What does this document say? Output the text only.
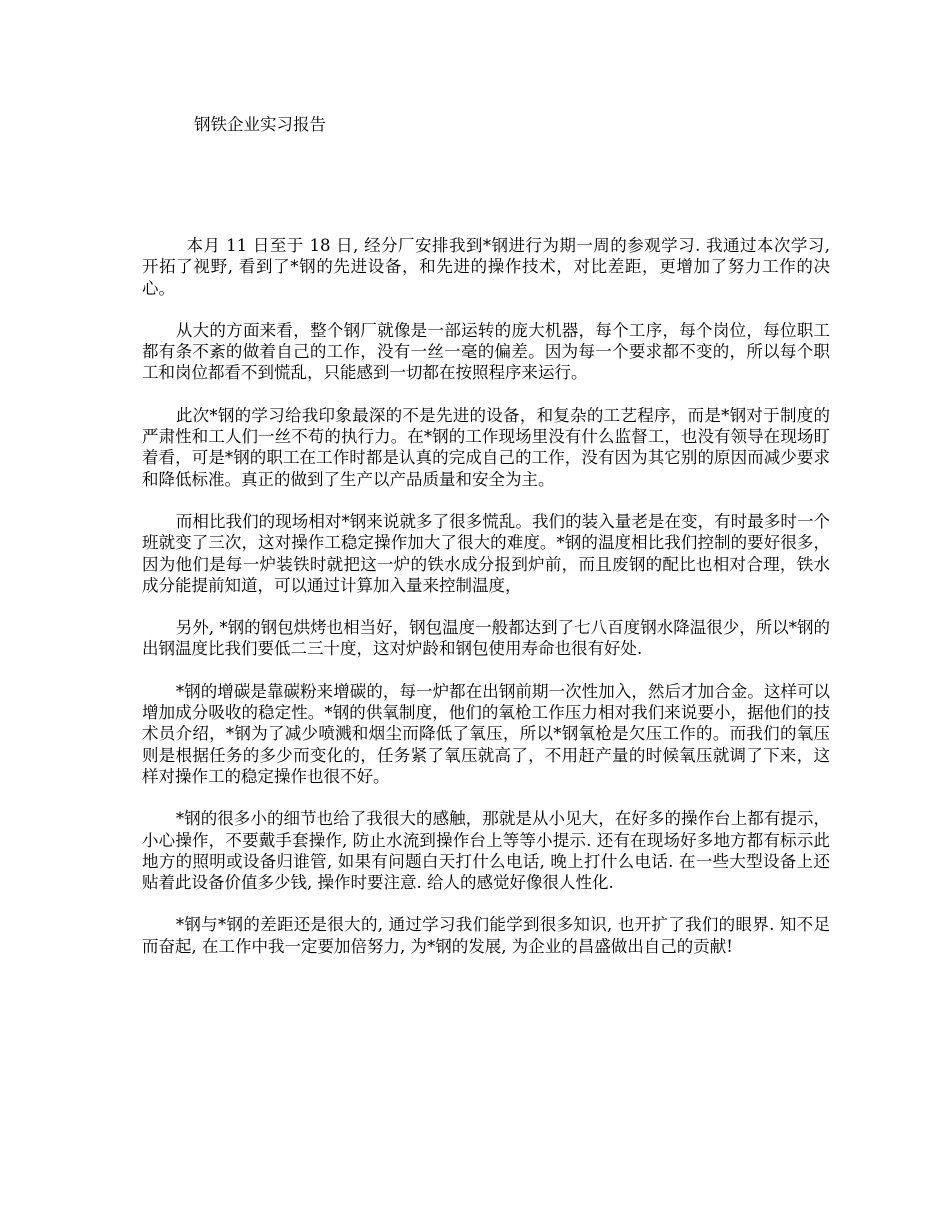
钢铁企业实习报告

本月 11 日至于 18 日, 经分厂安排我到*钢进行为期一周的参观学习. 我通过本次学习, 开拓了视野, 看到了*钢的先进设备，和先进的操作技术，对比差距，更增加了努力工作的决心。

从大的方面来看，整个钢厂就像是一部运转的庞大机器，每个工序，每个岗位，每位职工都有条不紊的做着自己的工作，没有一丝一毫的偏差。因为每一个要求都不变的，所以每个职工和岗位都看不到慌乱，只能感到一切都在按照程序来运行。

此次*钢的学习给我印象最深的不是先进的设备，和复杂的工艺程序，而是*钢对于制度的严肃性和工人们一丝不苟的执行力。在*钢的工作现场里没有什么监督工，也没有领导在现场盯着看，可是*钢的职工在工作时都是认真的完成自己的工作，没有因为其它别的原因而减少要求和降低标准。真正的做到了生产以产品质量和安全为主。

而相比我们的现场相对*钢来说就多了很多慌乱。我们的装入量老是在变，有时最多时一个班就变了三次，这对操作工稳定操作加大了很大的难度。*钢的温度相比我们控制的要好很多，因为他们是每一炉装铁时就把这一炉的铁水成分报到炉前，而且废钢的配比也相对合理，铁水成分能提前知道，可以通过计算加入量来控制温度，

另外, *钢的钢包烘烤也相当好，钢包温度一般都达到了七八百度钢水降温很少，所以*钢的出钢温度比我们要低二三十度，这对炉龄和钢包使用寿命也很有好处.

*钢的增碳是靠碳粉来增碳的，每一炉都在出钢前期一次性加入，然后才加合金。这样可以增加成分吸收的稳定性。*钢的供氧制度，他们的氧枪工作压力相对我们来说要小，据他们的技术员介绍，*钢为了减少喷溅和烟尘而降低了氧压，所以*钢氧枪是欠压工作的。而我们的氧压则是根据任务的多少而变化的，任务紧了氧压就高了，不用赶产量的时候氧压就调了下来，这样对操作工的稳定操作也很不好。

*钢的很多小的细节也给了我很大的感触，那就是从小见大，在好多的操作台上都有提示，小心操作，不要戴手套操作, 防止水流到操作台上等等小提示. 还有在现场好多地方都有标示此地方的照明或设备归谁管, 如果有问题白天打什么电话, 晚上打什么电话. 在一些大型设备上还贴着此设备价值多少钱, 操作时要注意. 给人的感觉好像很人性化.

*钢与*钢的差距还是很大的, 通过学习我们能学到很多知识, 也开扩了我们的眼界. 知不足而奋起, 在工作中我一定要加倍努力, 为*钢的发展, 为企业的昌盛做出自己的贡献!
